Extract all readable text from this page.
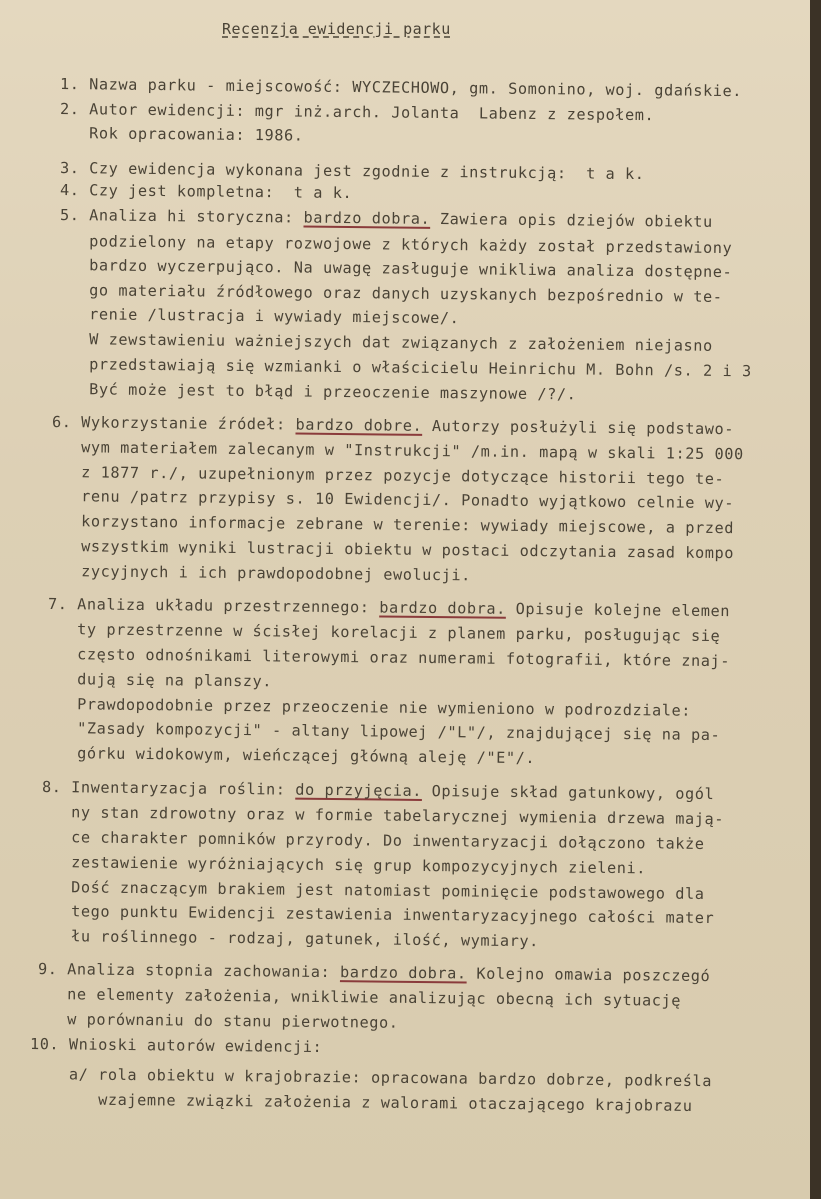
Recenzja ewidencji parku
1. Nazwa parku - miejscowość: WYCZECHOWO, gm. Somonino, woj. gdańskie.
2. Autor ewidencji: mgr inż.arch. Jolanta  Labenz z zespołem.
Rok opracowania: 1986.
3. Czy ewidencja wykonana jest zgodnie z instrukcją:  t a k.
4. Czy jest kompletna:  t a k.
5. Analiza hi storyczna: bardzo dobra. Zawiera opis dziejów obiektu
podzielony na etapy rozwojowe z których każdy został przedstawiony
bardzo wyczerpująco. Na uwagę zasługuje wnikliwa analiza dostępne-
go materiału źródłowego oraz danych uzyskanych bezpośrednio w te-
renie /lustracja i wywiady miejscowe/.
W zewstawieniu ważniejszych dat związanych z założeniem niejasno
przedstawiają się wzmianki o właścicielu Heinrichu M. Bohn /s. 2 i 3
Być może jest to błąd i przeoczenie maszynowe /?/.
6. Wykorzystanie źródeł: bardzo dobre. Autorzy posłużyli się podstawo-
wym materiałem zalecanym w "Instrukcji" /m.in. mapą w skali 1:25 000
z 1877 r./, uzupełnionym przez pozycje dotyczące historii tego te-
renu /patrz przypisy s. 10 Ewidencji/. Ponadto wyjątkowo celnie wy-
korzystano informacje zebrane w terenie: wywiady miejscowe, a przed
wszystkim wyniki lustracji obiektu w postaci odczytania zasad kompo
zycyjnych i ich prawdopodobnej ewolucji.
7. Analiza układu przestrzennego: bardzo dobra. Opisuje kolejne elemen
ty przestrzenne w ścisłej korelacji z planem parku, posługując się
często odnośnikami literowymi oraz numerami fotografii, które znaj-
dują się na planszy.
Prawdopodobnie przez przeoczenie nie wymieniono w podrozdziale:
"Zasady kompozycji" - altany lipowej /"L"/, znajdującej się na pa-
górku widokowym, wieńczącej główną aleję /"E"/.
8. Inwentaryzacja roślin: do przyjęcia. Opisuje skład gatunkowy, ogól
ny stan zdrowotny oraz w formie tabelarycznej wymienia drzewa mają-
ce charakter pomników przyrody. Do inwentaryzacji dołączono także
zestawienie wyróżniających się grup kompozycyjnych zieleni.
Dość znaczącym brakiem jest natomiast pominięcie podstawowego dla
tego punktu Ewidencji zestawienia inwentaryzacyjnego całości mater
łu roślinnego - rodzaj, gatunek, ilość, wymiary.
9. Analiza stopnia zachowania: bardzo dobra. Kolejno omawia poszczegó
ne elementy założenia, wnikliwie analizując obecną ich sytuację
w porównaniu do stanu pierwotnego.
10. Wnioski autorów ewidencji:
a/ rola obiektu w krajobrazie: opracowana bardzo dobrze, podkreśla
wzajemne związki założenia z walorami otaczającego krajobrazu
